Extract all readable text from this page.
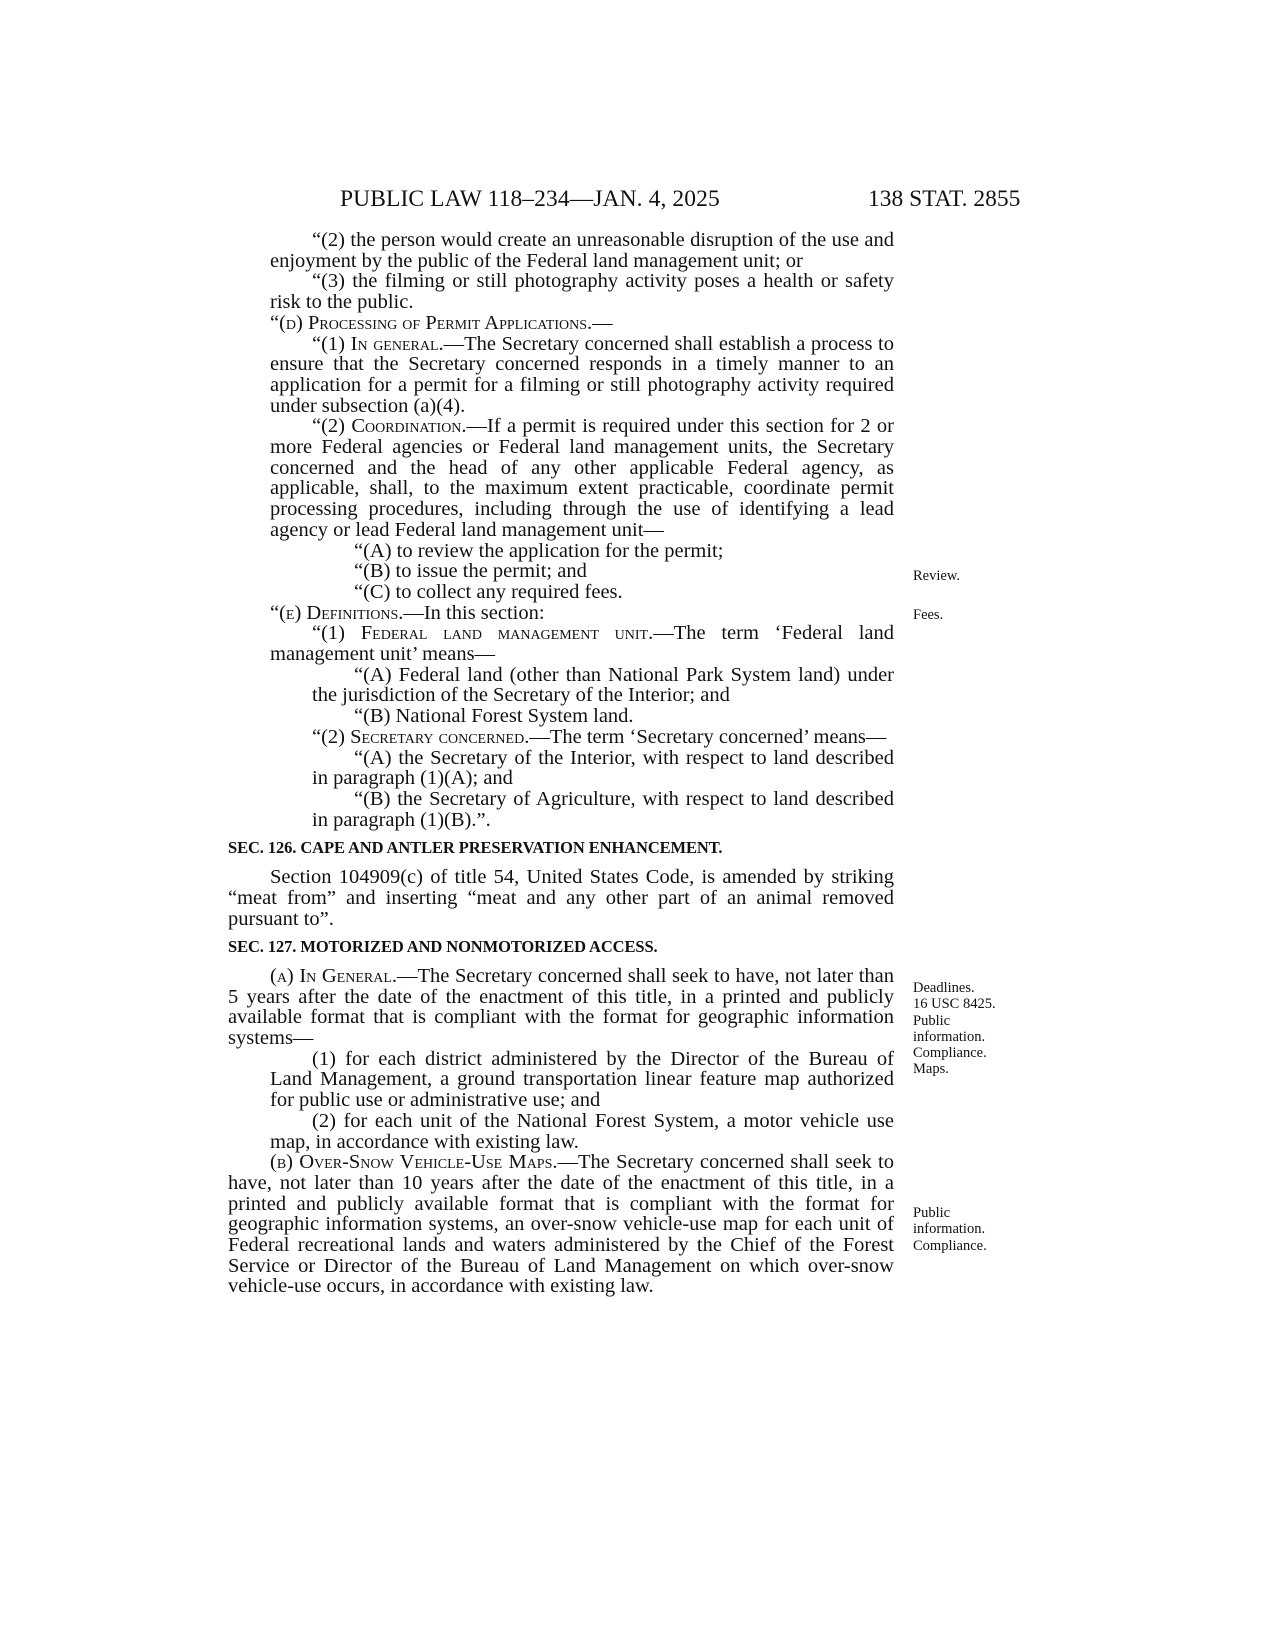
PUBLIC LAW 118–234—JAN. 4, 2025	138 STAT. 2855

“(2) the person would create an unreasonable disruption of the use and enjoyment by the public of the Federal land management unit; or

“(3) the filming or still photography activity poses a health or safety risk to the public.

“(d) Processing of Permit Applications.—

“(1) In general.—The Secretary concerned shall establish a process to ensure that the Secretary concerned responds in a timely manner to an application for a permit for a filming or still photography activity required under subsection (a)(4).

“(2) Coordination.—If a permit is required under this section for 2 or more Federal agencies or Federal land management units, the Secretary concerned and the head of any other applicable Federal agency, as applicable, shall, to the maximum extent practicable, coordinate permit processing procedures, including through the use of identifying a lead agency or lead Federal land management unit—

“(A) to review the application for the permit;

“(B) to issue the permit; and

“(C) to collect any required fees.

“(e) Definitions.—In this section:

“(1) Federal land management unit.—The term ‘Federal land management unit’ means—

“(A) Federal land (other than National Park System land) under the jurisdiction of the Secretary of the Interior; and

“(B) National Forest System land.

“(2) Secretary concerned.—The term ‘Secretary concerned’ means—

“(A) the Secretary of the Interior, with respect to land described in paragraph (1)(A); and

“(B) the Secretary of Agriculture, with respect to land described in paragraph (1)(B).”.

SEC. 126. CAPE AND ANTLER PRESERVATION ENHANCEMENT.

Section 104909(c) of title 54, United States Code, is amended by striking “meat from” and inserting “meat and any other part of an animal removed pursuant to”.

SEC. 127. MOTORIZED AND NONMOTORIZED ACCESS.

(a) In General.—The Secretary concerned shall seek to have, not later than 5 years after the date of the enactment of this title, in a printed and publicly available format that is compliant with the format for geographic information systems—

(1) for each district administered by the Director of the Bureau of Land Management, a ground transportation linear feature map authorized for public use or administrative use; and

(2) for each unit of the National Forest System, a motor vehicle use map, in accordance with existing law.

(b) Over-Snow Vehicle-Use Maps.—The Secretary concerned shall seek to have, not later than 10 years after the date of the enactment of this title, in a printed and publicly available format that is compliant with the format for geographic information systems, an over-snow vehicle-use map for each unit of Federal recreational lands and waters administered by the Chief of the Forest Service or Director of the Bureau of Land Management on which over-snow vehicle-use occurs, in accordance with existing law.

Review.
Fees.
Deadlines.
16 USC 8425.
Public
information.
Compliance.
Maps.
Public
information.
Compliance.
